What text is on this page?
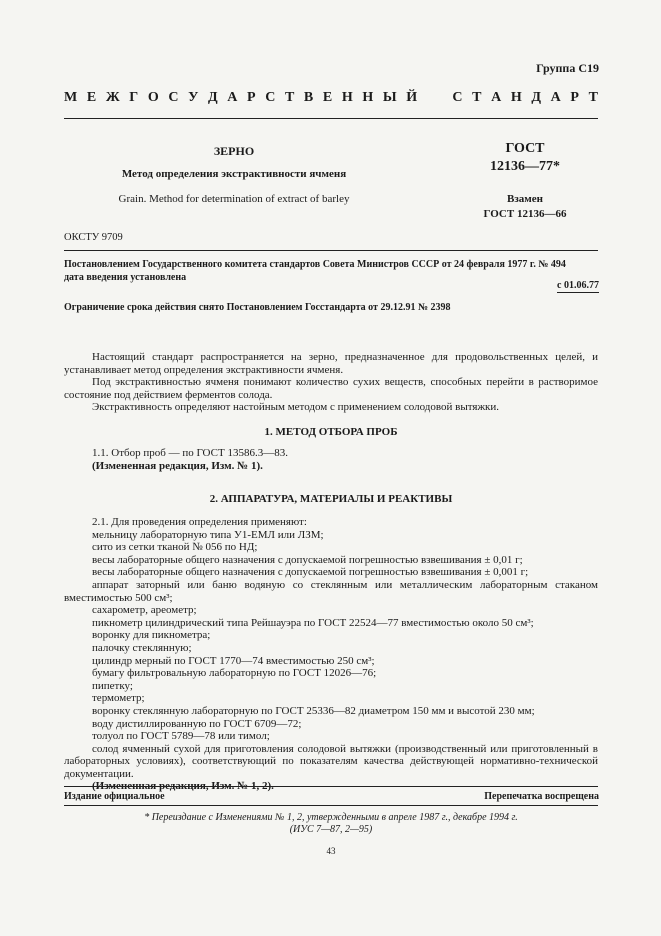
Группа С19
М Е Ж Г О С У Д А Р С Т В Е Н Н Ы Й	С Т А Н Д А Р Т
ЗЕРНО
Метод определения экстрактивности ячменя
Grain. Method for determination of extract of barley
ГОСТ
12136—77*
Взамен
ГОСТ 12136—66
ОКСТУ 9709
Постановлением Государственного комитета стандартов Совета Министров СССР от 24 февраля 1977 г. № 494
дата введения установлена
с 01.06.77
Ограничение срока действия снято Постановлением Госстандарта от 29.12.91 № 2398

Настоящий стандарт распространяется на зерно, предназначенное для продовольственных целей, и устанавливает метод определения экстрактивности ячменя.

Под экстрактивностью ячменя понимают количество сухих веществ, способных перейти в растворимое состояние под действием ферментов солода.

Экстрактивность определяют настойным методом с применением солодовой вытяжки.

1. МЕТОД ОТБОРА ПРОБ

1.1. Отбор проб — по ГОСТ 13586.3—83.

(Измененная редакция, Изм. № 1).

2. АППАРАТУРА, МАТЕРИАЛЫ И РЕАКТИВЫ

2.1. Для проведения определения применяют:

мельницу лабораторную типа У1-ЕМЛ или ЛЗМ;

сито из сетки тканой № 056 по НД;

весы лабораторные общего назначения с допускаемой погрешностью взвешивания ± 0,01 г;

весы лабораторные общего назначения с допускаемой погрешностью взвешивания ± 0,001 г;

аппарат заторный или баню водяную со стеклянным или металлическим лабораторным стаканом вместимостью 500 см³;

сахарометр, ареометр;

пикнометр цилиндрический типа Рейшауэра по ГОСТ 22524—77 вместимостью около 50 см³;

воронку для пикнометра;

палочку стеклянную;

цилиндр мерный по ГОСТ 1770—74 вместимостью 250 см³;

бумагу фильтровальную лабораторную по ГОСТ 12026—76;

пипетку;

термометр;

воронку стеклянную лабораторную по ГОСТ 25336—82 диаметром 150 мм и высотой 230 мм;

воду дистиллированную по ГОСТ 6709—72;

толуол по ГОСТ 5789—78 или тимол;

солод ячменный сухой для приготовления солодовой вытяжки (производственный или приготовленный в лабораторных условиях), соответствующий по показателям качества действующей нормативно-технической документации.

(Измененная редакция, Изм. № 1, 2).

Издание официальное	Перепечатка воспрещена
* Переиздание с Изменениями № 1, 2, утвержденными в апреле 1987 г., декабре 1994 г.
(ИУС 7—87, 2—95)
43
